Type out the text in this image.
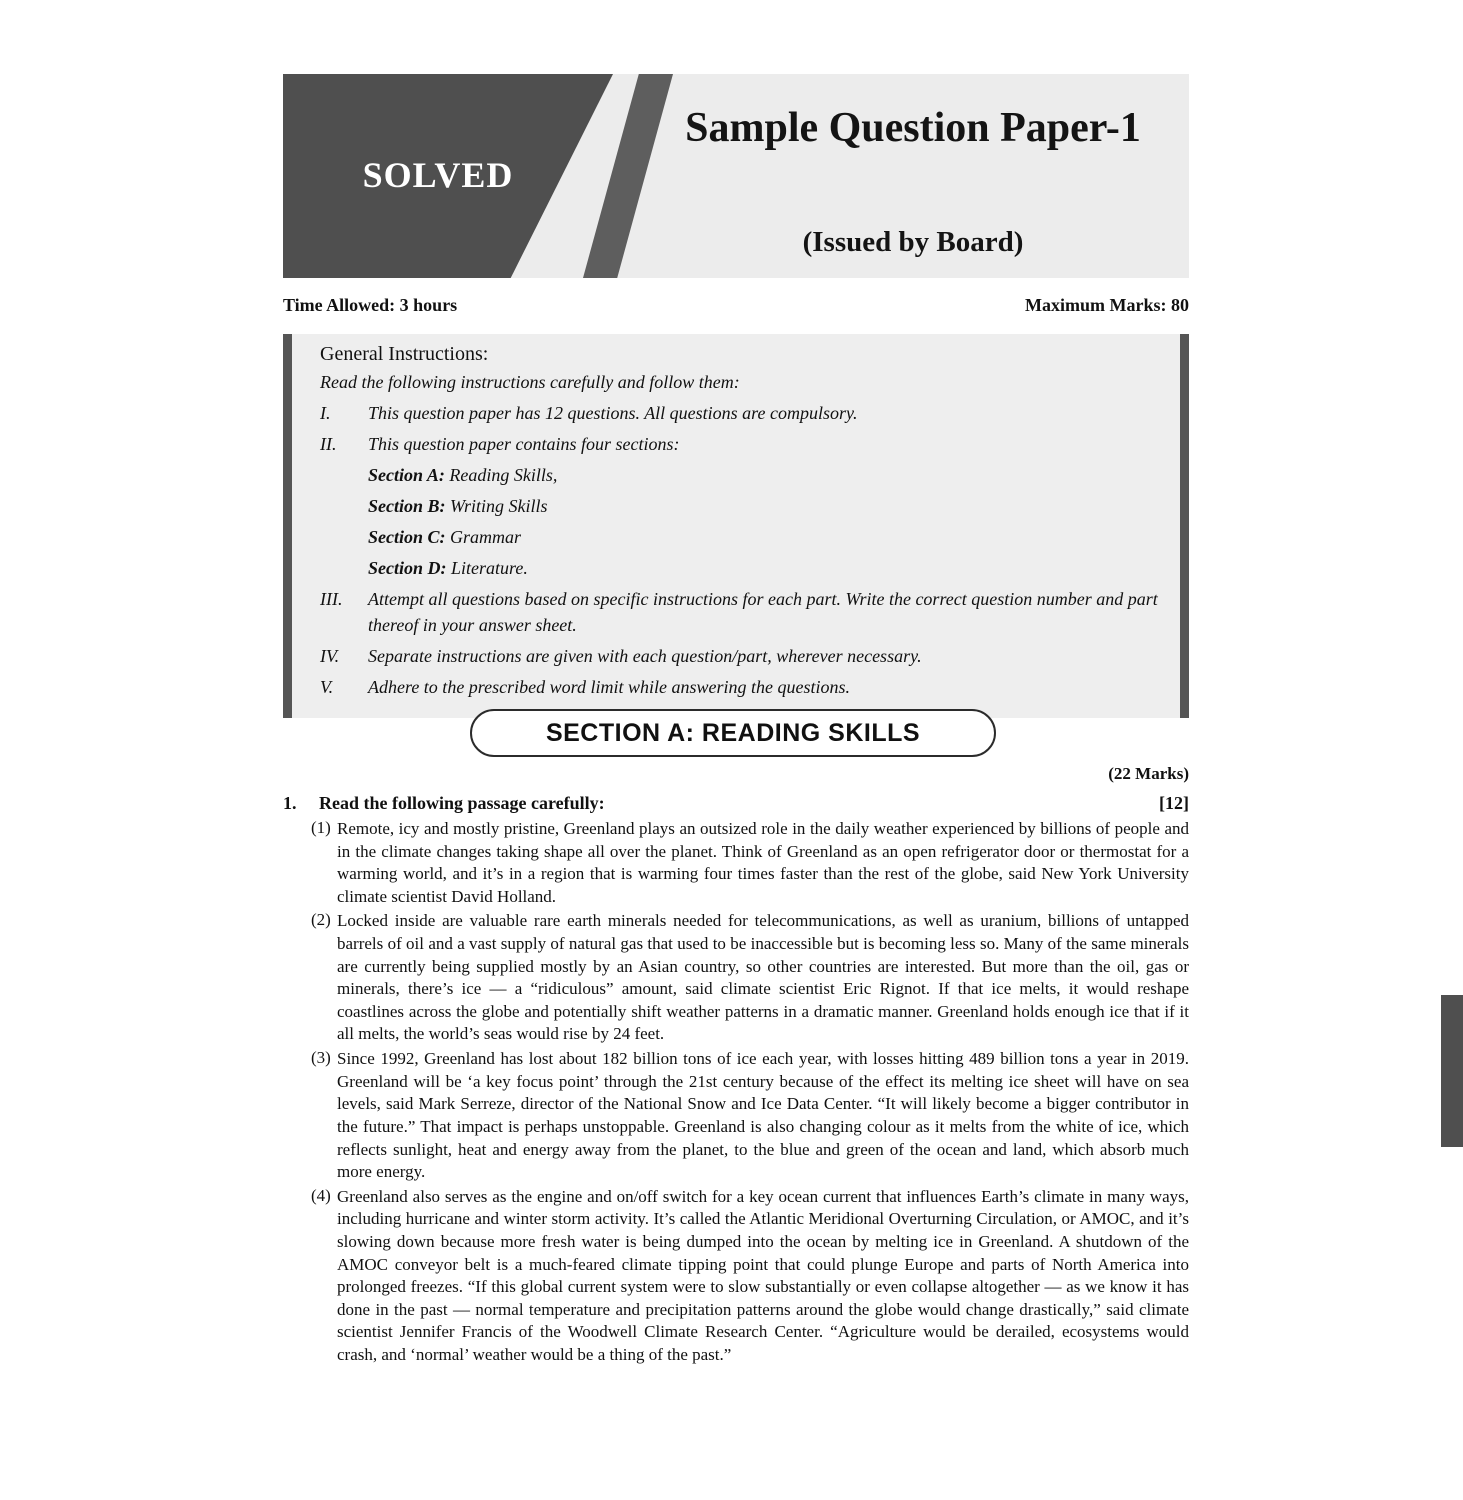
SOLVED
Sample Question Paper-1
(Issued by Board)
Time Allowed: 3 hours	Maximum Marks: 80
General Instructions:
Read the following instructions carefully and follow them:
I.	This question paper has 12 questions. All questions are compulsory.
II.	This question paper contains four sections:
Section A: Reading Skills,
Section B: Writing Skills
Section C: Grammar
Section D: Literature.
III.	Attempt all questions based on specific instructions for each part. Write the correct question number and part thereof in your answer sheet.
IV.	Separate instructions are given with each question/part, wherever necessary.
V.	Adhere to the prescribed word limit while answering the questions.
SECTION A: READING SKILLS
(22 Marks)
1.	Read the following passage carefully:	[12]
(1) Remote, icy and mostly pristine, Greenland plays an outsized role in the daily weather experienced by billions of people and in the climate changes taking shape all over the planet. Think of Greenland as an open refrigerator door or thermostat for a warming world, and it’s in a region that is warming four times faster than the rest of the globe, said New York University climate scientist David Holland.
(2) Locked inside are valuable rare earth minerals needed for telecommunications, as well as uranium, billions of untapped barrels of oil and a vast supply of natural gas that used to be inaccessible but is becoming less so. Many of the same minerals are currently being supplied mostly by an Asian country, so other countries are interested. But more than the oil, gas or minerals, there’s ice — a “ridiculous” amount, said climate scientist Eric Rignot. If that ice melts, it would reshape coastlines across the globe and potentially shift weather patterns in a dramatic manner. Greenland holds enough ice that if it all melts, the world’s seas would rise by 24 feet.
(3) Since 1992, Greenland has lost about 182 billion tons of ice each year, with losses hitting 489 billion tons a year in 2019. Greenland will be ‘a key focus point’ through the 21st century because of the effect its melting ice sheet will have on sea levels, said Mark Serreze, director of the National Snow and Ice Data Center. “It will likely become a bigger contributor in the future.” That impact is perhaps unstoppable. Greenland is also changing colour as it melts from the white of ice, which reflects sunlight, heat and energy away from the planet, to the blue and green of the ocean and land, which absorb much more energy.
(4) Greenland also serves as the engine and on/off switch for a key ocean current that influences Earth’s climate in many ways, including hurricane and winter storm activity. It’s called the Atlantic Meridional Overturning Circulation, or AMOC, and it’s slowing down because more fresh water is being dumped into the ocean by melting ice in Greenland. A shutdown of the AMOC conveyor belt is a much-feared climate tipping point that could plunge Europe and parts of North America into prolonged freezes. “If this global current system were to slow substantially or even collapse altogether — as we know it has done in the past — normal temperature and precipitation patterns around the globe would change drastically,” said climate scientist Jennifer Francis of the Woodwell Climate Research Center. “Agriculture would be derailed, ecosystems would crash, and ‘normal’ weather would be a thing of the past.”
